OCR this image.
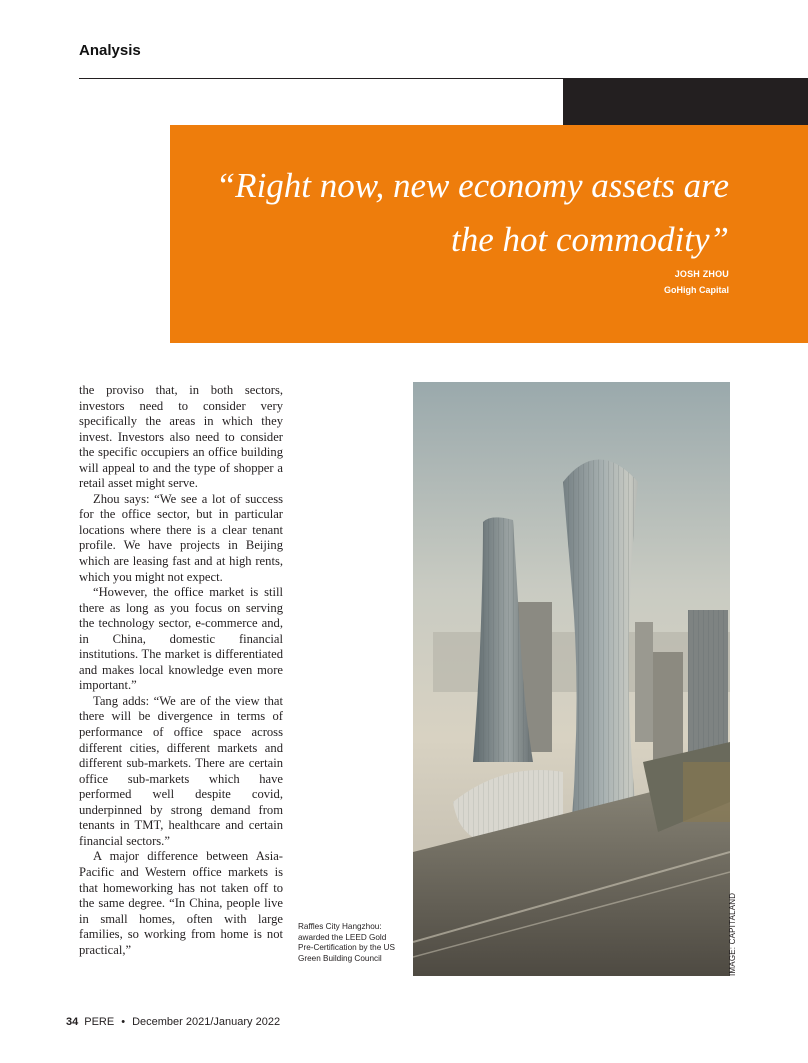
Analysis
“Right now, new economy assets are
the hot commodity”
JOSH ZHOU
GoHigh Capital

the proviso that, in both sectors, investors need to consider very specifically the areas in which they invest. Investors also need to consider the specific occupiers an office building will appeal to and the type of shopper a retail asset might serve.

Zhou says: “We see a lot of success for the office sector, but in particular locations where there is a clear tenant profile. We have projects in Beijing which are leasing fast and at high rents, which you might not expect.

“However, the office market is still there as long as you focus on serving the technology sector, e-commerce and, in China, domestic financial institutions. The market is differentiated and makes local knowledge even more important.”

Tang adds: “We are of the view that there will be divergence in terms of performance of office space across different cities, different markets and different sub-markets. There are certain office sub-markets which have performed well despite covid, underpinned by strong demand from tenants in TMT, healthcare and certain financial sectors.”

A major difference between Asia-Pacific and Western office markets is that homeworking has not taken off to the same degree. “In China, people live in small homes, often with large families, so working from home is not practical,”

Raffles City Hangzhou: awarded the LEED Gold Pre-Certification by the US Green Building Council	IMAGE: CAPITALAND
34 PERE • December 2021/January 2022
